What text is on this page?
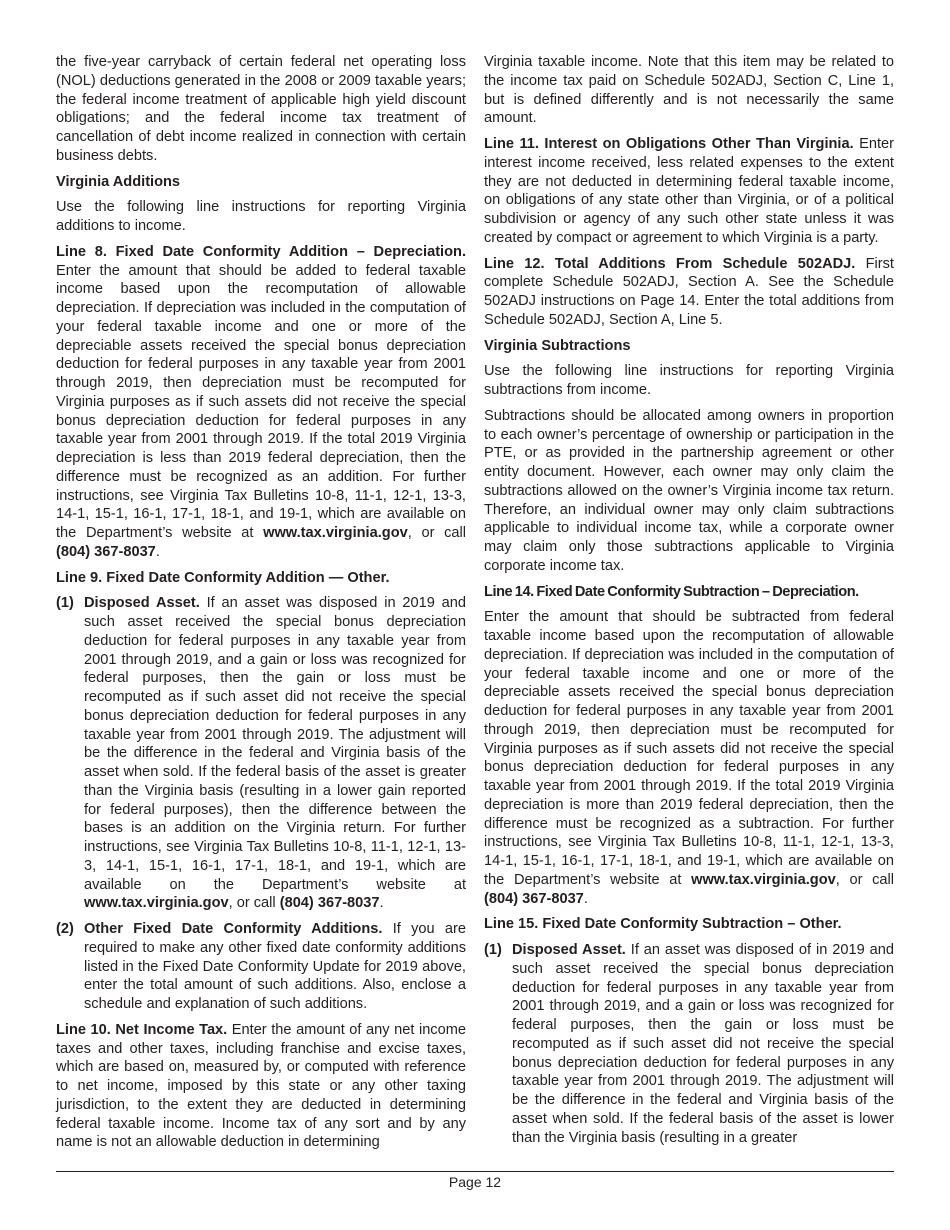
the five-year carryback of certain federal net operating loss (NOL) deductions generated in the 2008 or 2009 taxable years; the federal income treatment of applicable high yield discount obligations; and the federal income tax treatment of cancellation of debt income realized in connection with certain business debts.

Virginia Additions

Use the following line instructions for reporting Virginia additions to income.

Line 8. Fixed Date Conformity Addition – Depreciation. Enter the amount that should be added to federal taxable income based upon the recomputation of allowable depreciation. If depreciation was included in the computation of your federal taxable income and one or more of the depreciable assets received the special bonus depreciation deduction for federal purposes in any taxable year from 2001 through 2019, then depreciation must be recomputed for Virginia purposes as if such assets did not receive the special bonus depreciation deduction for federal purposes in any taxable year from 2001 through 2019. If the total 2019 Virginia depreciation is less than 2019 federal depreciation, then the difference must be recognized as an addition. For further instructions, see Virginia Tax Bulletins 10-8, 11-1, 12-1, 13-3, 14-1, 15-1, 16-1, 17-1, 18-1, and 19-1, which are available on the Department’s website at www.tax.virginia.gov, or call (804) 367-8037.

Line 9. Fixed Date Conformity Addition — Other.
(1) Disposed Asset. If an asset was disposed in 2019 and such asset received the special bonus depreciation deduction for federal purposes in any taxable year from 2001 through 2019, and a gain or loss was recognized for federal purposes, then the gain or loss must be recomputed as if such asset did not receive the special bonus depreciation deduction for federal purposes in any taxable year from 2001 through 2019. The adjustment will be the difference in the federal and Virginia basis of the asset when sold. If the federal basis of the asset is greater than the Virginia basis (resulting in a lower gain reported for federal purposes), then the difference between the bases is an addition on the Virginia return. For further instructions, see Virginia Tax Bulletins 10-8, 11-1, 12-1, 13-3, 14-1, 15-1, 16-1, 17-1, 18-1, and 19-1, which are available on the Department’s website at www.tax.virginia.gov, or call (804) 367-8037.
(2) Other Fixed Date Conformity Additions. If you are required to make any other fixed date conformity additions listed in the Fixed Date Conformity Update for 2019 above, enter the total amount of such additions. Also, enclose a schedule and explanation of such additions.

Line 10. Net Income Tax. Enter the amount of any net income taxes and other taxes, including franchise and excise taxes, which are based on, measured by, or computed with reference to net income, imposed by this state or any other taxing jurisdiction, to the extent they are deducted in determining federal taxable income. Income tax of any sort and by any name is not an allowable deduction in determining

Virginia taxable income. Note that this item may be related to the income tax paid on Schedule 502ADJ, Section C, Line 1, but is defined differently and is not necessarily the same amount.

Line 11. Interest on Obligations Other Than Virginia. Enter interest income received, less related expenses to the extent they are not deducted in determining federal taxable income, on obligations of any state other than Virginia, or of a political subdivision or agency of any such other state unless it was created by compact or agreement to which Virginia is a party.

Line 12. Total Additions From Schedule 502ADJ. First complete Schedule 502ADJ, Section A. See the Schedule 502ADJ instructions on Page 14. Enter the total additions from Schedule 502ADJ, Section A, Line 5.

Virginia Subtractions

Use the following line instructions for reporting Virginia subtractions from income.

Subtractions should be allocated among owners in proportion to each owner’s percentage of ownership or participation in the PTE, or as provided in the partnership agreement or other entity document. However, each owner may only claim the subtractions allowed on the owner’s Virginia income tax return. Therefore, an individual owner may only claim subtractions applicable to individual income tax, while a corporate owner may claim only those subtractions applicable to Virginia corporate income tax.

Line 14. Fixed Date Conformity Subtraction – Depreciation.

Enter the amount that should be subtracted from federal taxable income based upon the recomputation of allowable depreciation. If depreciation was included in the computation of your federal taxable income and one or more of the depreciable assets received the special bonus depreciation deduction for federal purposes in any taxable year from 2001 through 2019, then depreciation must be recomputed for Virginia purposes as if such assets did not receive the special bonus depreciation deduction for federal purposes in any taxable year from 2001 through 2019. If the total 2019 Virginia depreciation is more than 2019 federal depreciation, then the difference must be recognized as a subtraction. For further instructions, see Virginia Tax Bulletins 10-8, 11-1, 12-1, 13-3, 14-1, 15-1, 16-1, 17-1, 18-1, and 19-1, which are available on the Department’s website at www.tax.virginia.gov, or call (804) 367-8037.

Line 15. Fixed Date Conformity Subtraction – Other.
(1) Disposed Asset. If an asset was disposed of in 2019 and such asset received the special bonus depreciation deduction for federal purposes in any taxable year from 2001 through 2019, and a gain or loss was recognized for federal purposes, then the gain or loss must be recomputed as if such asset did not receive the special bonus depreciation deduction for federal purposes in any taxable year from 2001 through 2019. The adjustment will be the difference in the federal and Virginia basis of the asset when sold. If the federal basis of the asset is lower than the Virginia basis (resulting in a greater
Page 12
